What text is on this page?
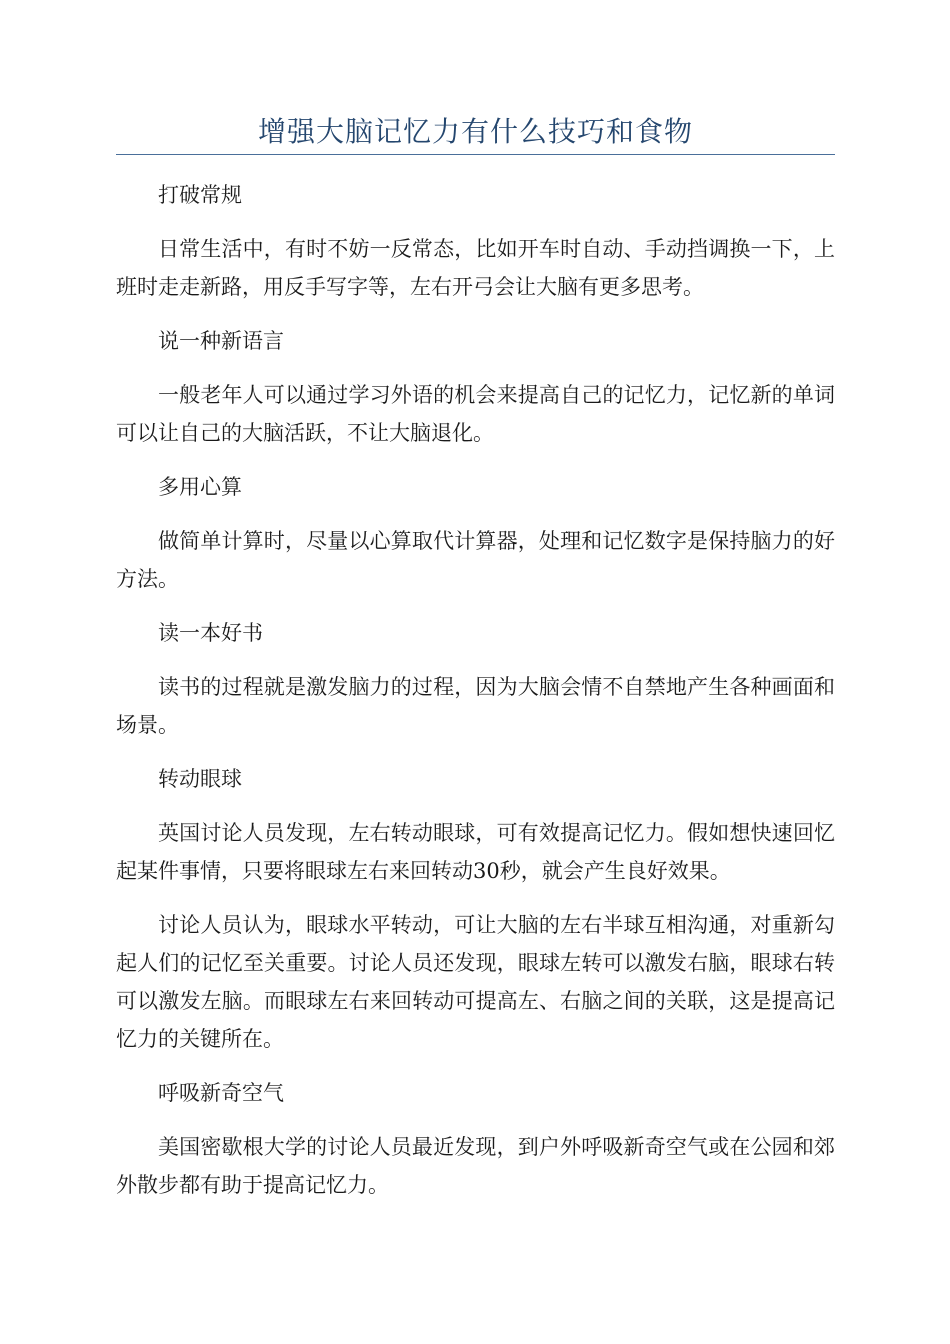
增强大脑记忆力有什么技巧和食物

打破常规

日常生活中，有时不妨一反常态，比如开车时自动、手动挡调换一下，上班时走走新路，用反手写字等，左右开弓会让大脑有更多思考。

说一种新语言

一般老年人可以通过学习外语的机会来提高自己的记忆力，记忆新的单词可以让自己的大脑活跃，不让大脑退化。

多用心算

做简单计算时，尽量以心算取代计算器，处理和记忆数字是保持脑力的好方法。

读一本好书

读书的过程就是激发脑力的过程，因为大脑会情不自禁地产生各种画面和场景。

转动眼球

英国讨论人员发现，左右转动眼球，可有效提高记忆力。假如想快速回忆起某件事情，只要将眼球左右来回转动30秒，就会产生良好效果。

讨论人员认为，眼球水平转动，可让大脑的左右半球互相沟通，对重新勾起人们的记忆至关重要。讨论人员还发现，眼球左转可以激发右脑，眼球右转可以激发左脑。而眼球左右来回转动可提高左、右脑之间的关联，这是提高记忆力的关键所在。

呼吸新奇空气

美国密歇根大学的讨论人员最近发现，到户外呼吸新奇空气或在公园和郊外散步都有助于提高记忆力。
